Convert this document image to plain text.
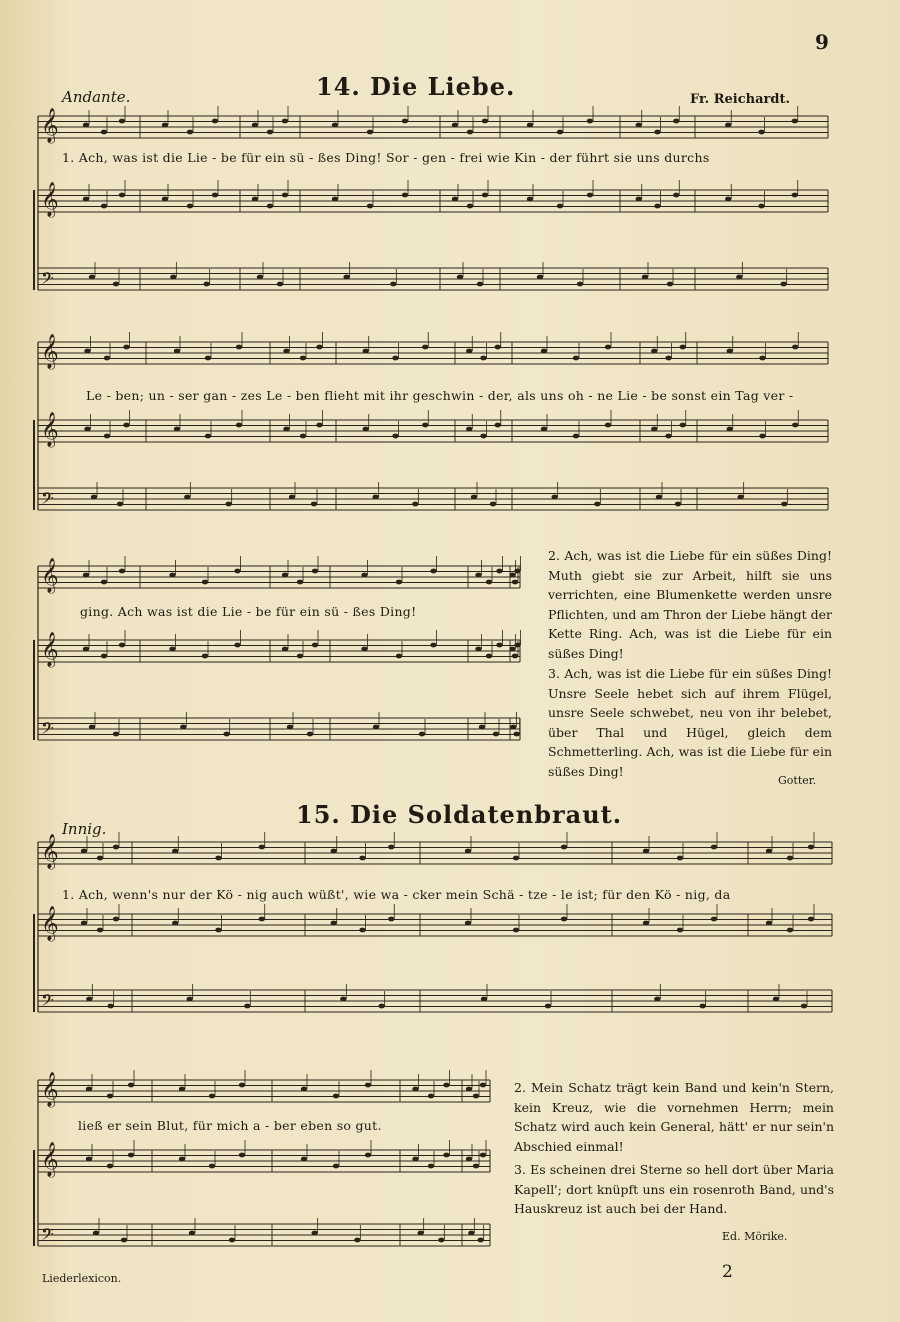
9
Andante.	14. Die Liebe.	Fr. Reichardt.
𝄞
𝄞
𝄢
𝄞
𝄞
𝄢
𝄞
𝄞
𝄢
𝄞
𝄞
𝄢
𝄞
𝄞
𝄢
1. Ach, was ist die Lie - be für ein sü - ßes Ding! Sor - gen - frei wie Kin - der führt sie uns durchs
Le - ben; un - ser gan - zes Le - ben flieht mit ihr geschwin - der, als uns oh - ne Lie - be sonst ein Tag ver -
ging. Ach was ist die Lie - be für ein sü - ßes Ding!
2. Ach, was ist die Liebe für ein süßes Ding! Muth giebt sie zur Arbeit, hilft sie uns verrichten, eine Blumenkette werden unsre Pflichten, und am Thron der Liebe hängt der Kette Ring. Ach, was ist die Liebe für ein süßes Ding!
3. Ach, was ist die Liebe für ein süßes Ding! Unsre Seele hebet sich auf ihrem Flügel, unsre Seele schwebet, neu von ihr belebet, über Thal und Hügel, gleich dem Schmetterling. Ach, was ist die Liebe für ein süßes Ding!
Gotter.
15. Die Soldatenbraut.
Innig.
1. Ach, wenn's nur der Kö - nig auch wüßt', wie wa - cker mein Schä - tze - le ist; für den Kö - nig, da
ließ er sein Blut, für mich a - ber eben so gut.
2. Mein Schatz trägt kein Band und kein'n Stern, kein Kreuz, wie die vornehmen Herrn; mein Schatz wird auch kein General, hätt' er nur sein'n Abschied einmal!
3. Es scheinen drei Sterne so hell dort über Maria Kapell'; dort knüpft uns ein rosenroth Band, und's Hauskreuz ist auch bei der Hand.
Ed. Mörike.
Liederlexicon.	2
